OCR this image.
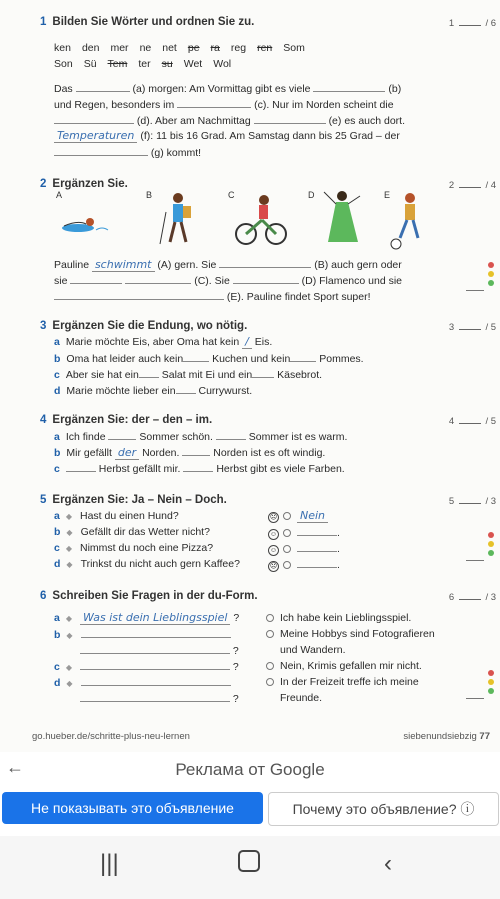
1 Bilden Sie Wörter und ordnen Sie zu.	1	/ 6
ken den mer ne net pe ra reg ren Som
Son Sü Tem ter su Wet Wol
Das	(a) morgen: Am Vormittag gibt es viele	(b)
und Regen, besonders im	(c). Nur im Norden scheint die
(d). Aber am Nachmittag	(e) es auch dort.
Temperaturen (f): 11 bis 16 Grad. Am Samstag dann bis 25 Grad – der
(g) kommt!
2 Ergänzen Sie.	2	/ 4
A	B	C	D	E
Pauline schwimmt (A) gern. Sie	(B) auch gern oder
sie	(C). Sie	(D) Flamenco und sie
(E). Pauline findet Sport super!
3 Ergänzen Sie die Endung, wo nötig.	3	/ 5
a Marie möchte Eis, aber Oma hat kein / Eis.
b Oma hat leider auch kein	Kuchen und kein	Pommes.
c Aber sie hat ein Salat mit Ei und ein Käsebrot.
d Marie möchte lieber ein Currywurst.
4 Ergänzen Sie: der – den – im.	4	/ 5
a Ich finde	Sommer schön.	Sommer ist es warm.
b Mir gefällt der Norden.	Norden ist es oft windig.
c	Herbst gefällt mir.	Herbst gibt es viele Farben.
5 Ergänzen Sie: Ja – Nein – Doch.	5	/ 3
a ◆ Hast du einen Hund?	☹ Nein
b ◆ Gefällt dir das Wetter nicht?	☺	.
c ◆ Nimmst du noch eine Pizza?	☺	.
d ◆ Trinkst du nicht auch gern Kaffee?	☹	.
6 Schreiben Sie Fragen in der du-Form.	6	/ 3
a ◆ Was ist dein Lieblingsspiel ?
b ◆
?
c ◆	?
d ◆
?
Ich habe kein Lieblingsspiel.
Meine Hobbys sind Fotografieren
und Wandern.
Nein, Krimis gefallen mir nicht.
In der Freizeit treffe ich meine
Freunde.
go.hueber.de/schritte-plus-neu-lernen	siebenundsiebzig 77
←	Реклама от Google
Не показывать это объявление	Почему это объявление? ⓘ
|||	‹
